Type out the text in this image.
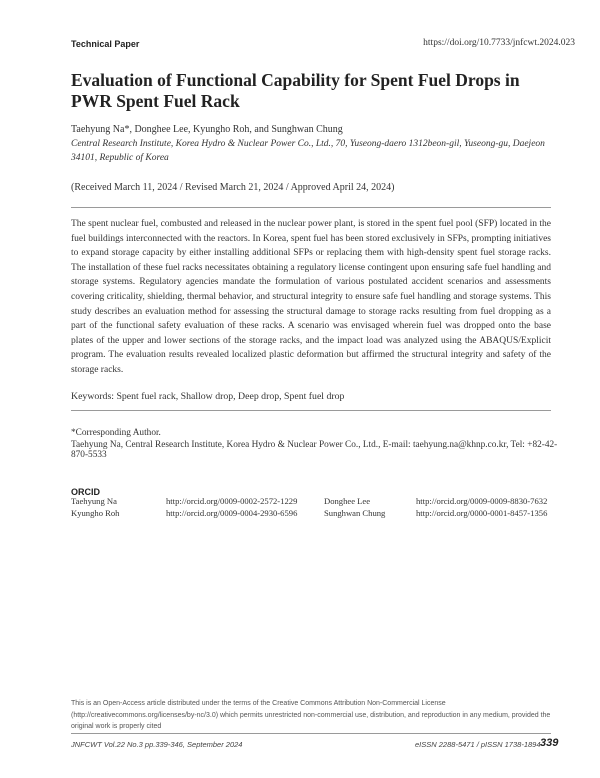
Technical Paper	https://doi.org/10.7733/jnfcwt.2024.023
Evaluation of Functional Capability for Spent Fuel Drops in PWR Spent Fuel Rack
Taehyung Na*, Donghee Lee, Kyungho Roh, and Sunghwan Chung
Central Research Institute, Korea Hydro & Nuclear Power Co., Ltd., 70, Yuseong-daero 1312beon-gil, Yuseong-gu, Daejeon 34101, Republic of Korea
(Received March 11, 2024 / Revised March 21, 2024 / Approved April 24, 2024)
The spent nuclear fuel, combusted and released in the nuclear power plant, is stored in the spent fuel pool (SFP) located in the fuel buildings interconnected with the reactors. In Korea, spent fuel has been stored exclusively in SFPs, prompting initiatives to expand storage capacity by either installing additional SFPs or replacing them with high-density spent fuel storage racks. The installation of these fuel racks necessitates obtaining a regulatory license contingent upon ensuring safe fuel handling and storage systems. Regulatory agencies mandate the formulation of various postulated accident scenarios and assessments covering criticality, shielding, thermal behavior, and structural integrity to ensure safe fuel handling and storage systems. This study describes an evaluation method for assessing the structural damage to storage racks resulting from fuel dropping as a part of the functional safety evaluation of these racks. A scenario was envisaged wherein fuel was dropped onto the base plates of the upper and lower sections of the storage racks, and the impact load was analyzed using the ABAQUS/Explicit program. The evaluation results revealed localized plastic deformation but affirmed the structural integrity and safety of the storage racks.
Keywords: Spent fuel rack, Shallow drop, Deep drop, Spent fuel drop
*Corresponding Author.
Taehyung Na, Central Research Institute, Korea Hydro & Nuclear Power Co., Ltd., E-mail: taehyung.na@khnp.co.kr, Tel: +82-42-870-5533
ORCID
Taehyung Na	http://orcid.org/0009-0002-2572-1229	Donghee Lee	http://orcid.org/0009-0009-8830-7632
Kyungho Roh	http://orcid.org/0009-0004-2930-6596	Sunghwan Chung	http://orcid.org/0000-0001-8457-1356
This is an Open-Access article distributed under the terms of the Creative Commons Attribution Non-Commercial License (http://creativecommons.org/licenses/by-nc/3.0) which permits unrestricted non-commercial use, distribution, and reproduction in any medium, provided the original work is properly cited
JNFCWT Vol.22 No.3 pp.339-346, September 2024	eISSN 2288-5471 / pISSN 1738-1894 339
